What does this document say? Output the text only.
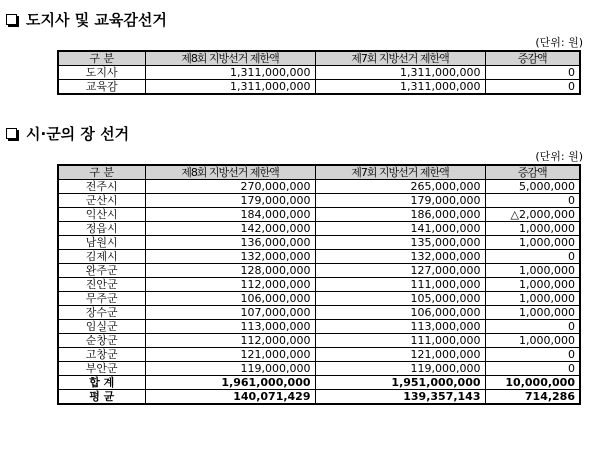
도지사 및 교육감선거
(단위: 원)
구 분	제8회 지방선거 제한액	제7회 지방선거 제한액	증감액
도지사	1,311,000,000	1,311,000,000	0
교육감	1,311,000,000	1,311,000,000	0
시·군의 장 선거
(단위: 원)
구 분	제8회 지방선거 제한액	제7회 지방선거 제한액	증감액
전주시	270,000,000	265,000,000	5,000,000
군산시	179,000,000	179,000,000	0
익산시	184,000,000	186,000,000	△2,000,000
정읍시	142,000,000	141,000,000	1,000,000
남원시	136,000,000	135,000,000	1,000,000
김제시	132,000,000	132,000,000	0
완주군	128,000,000	127,000,000	1,000,000
진안군	112,000,000	111,000,000	1,000,000
무주군	106,000,000	105,000,000	1,000,000
장수군	107,000,000	106,000,000	1,000,000
임실군	113,000,000	113,000,000	0
순창군	112,000,000	111,000,000	1,000,000
고창군	121,000,000	121,000,000	0
부안군	119,000,000	119,000,000	0
합 계	1,961,000,000	1,951,000,000	10,000,000
평 균	140,071,429	139,357,143	714,286
